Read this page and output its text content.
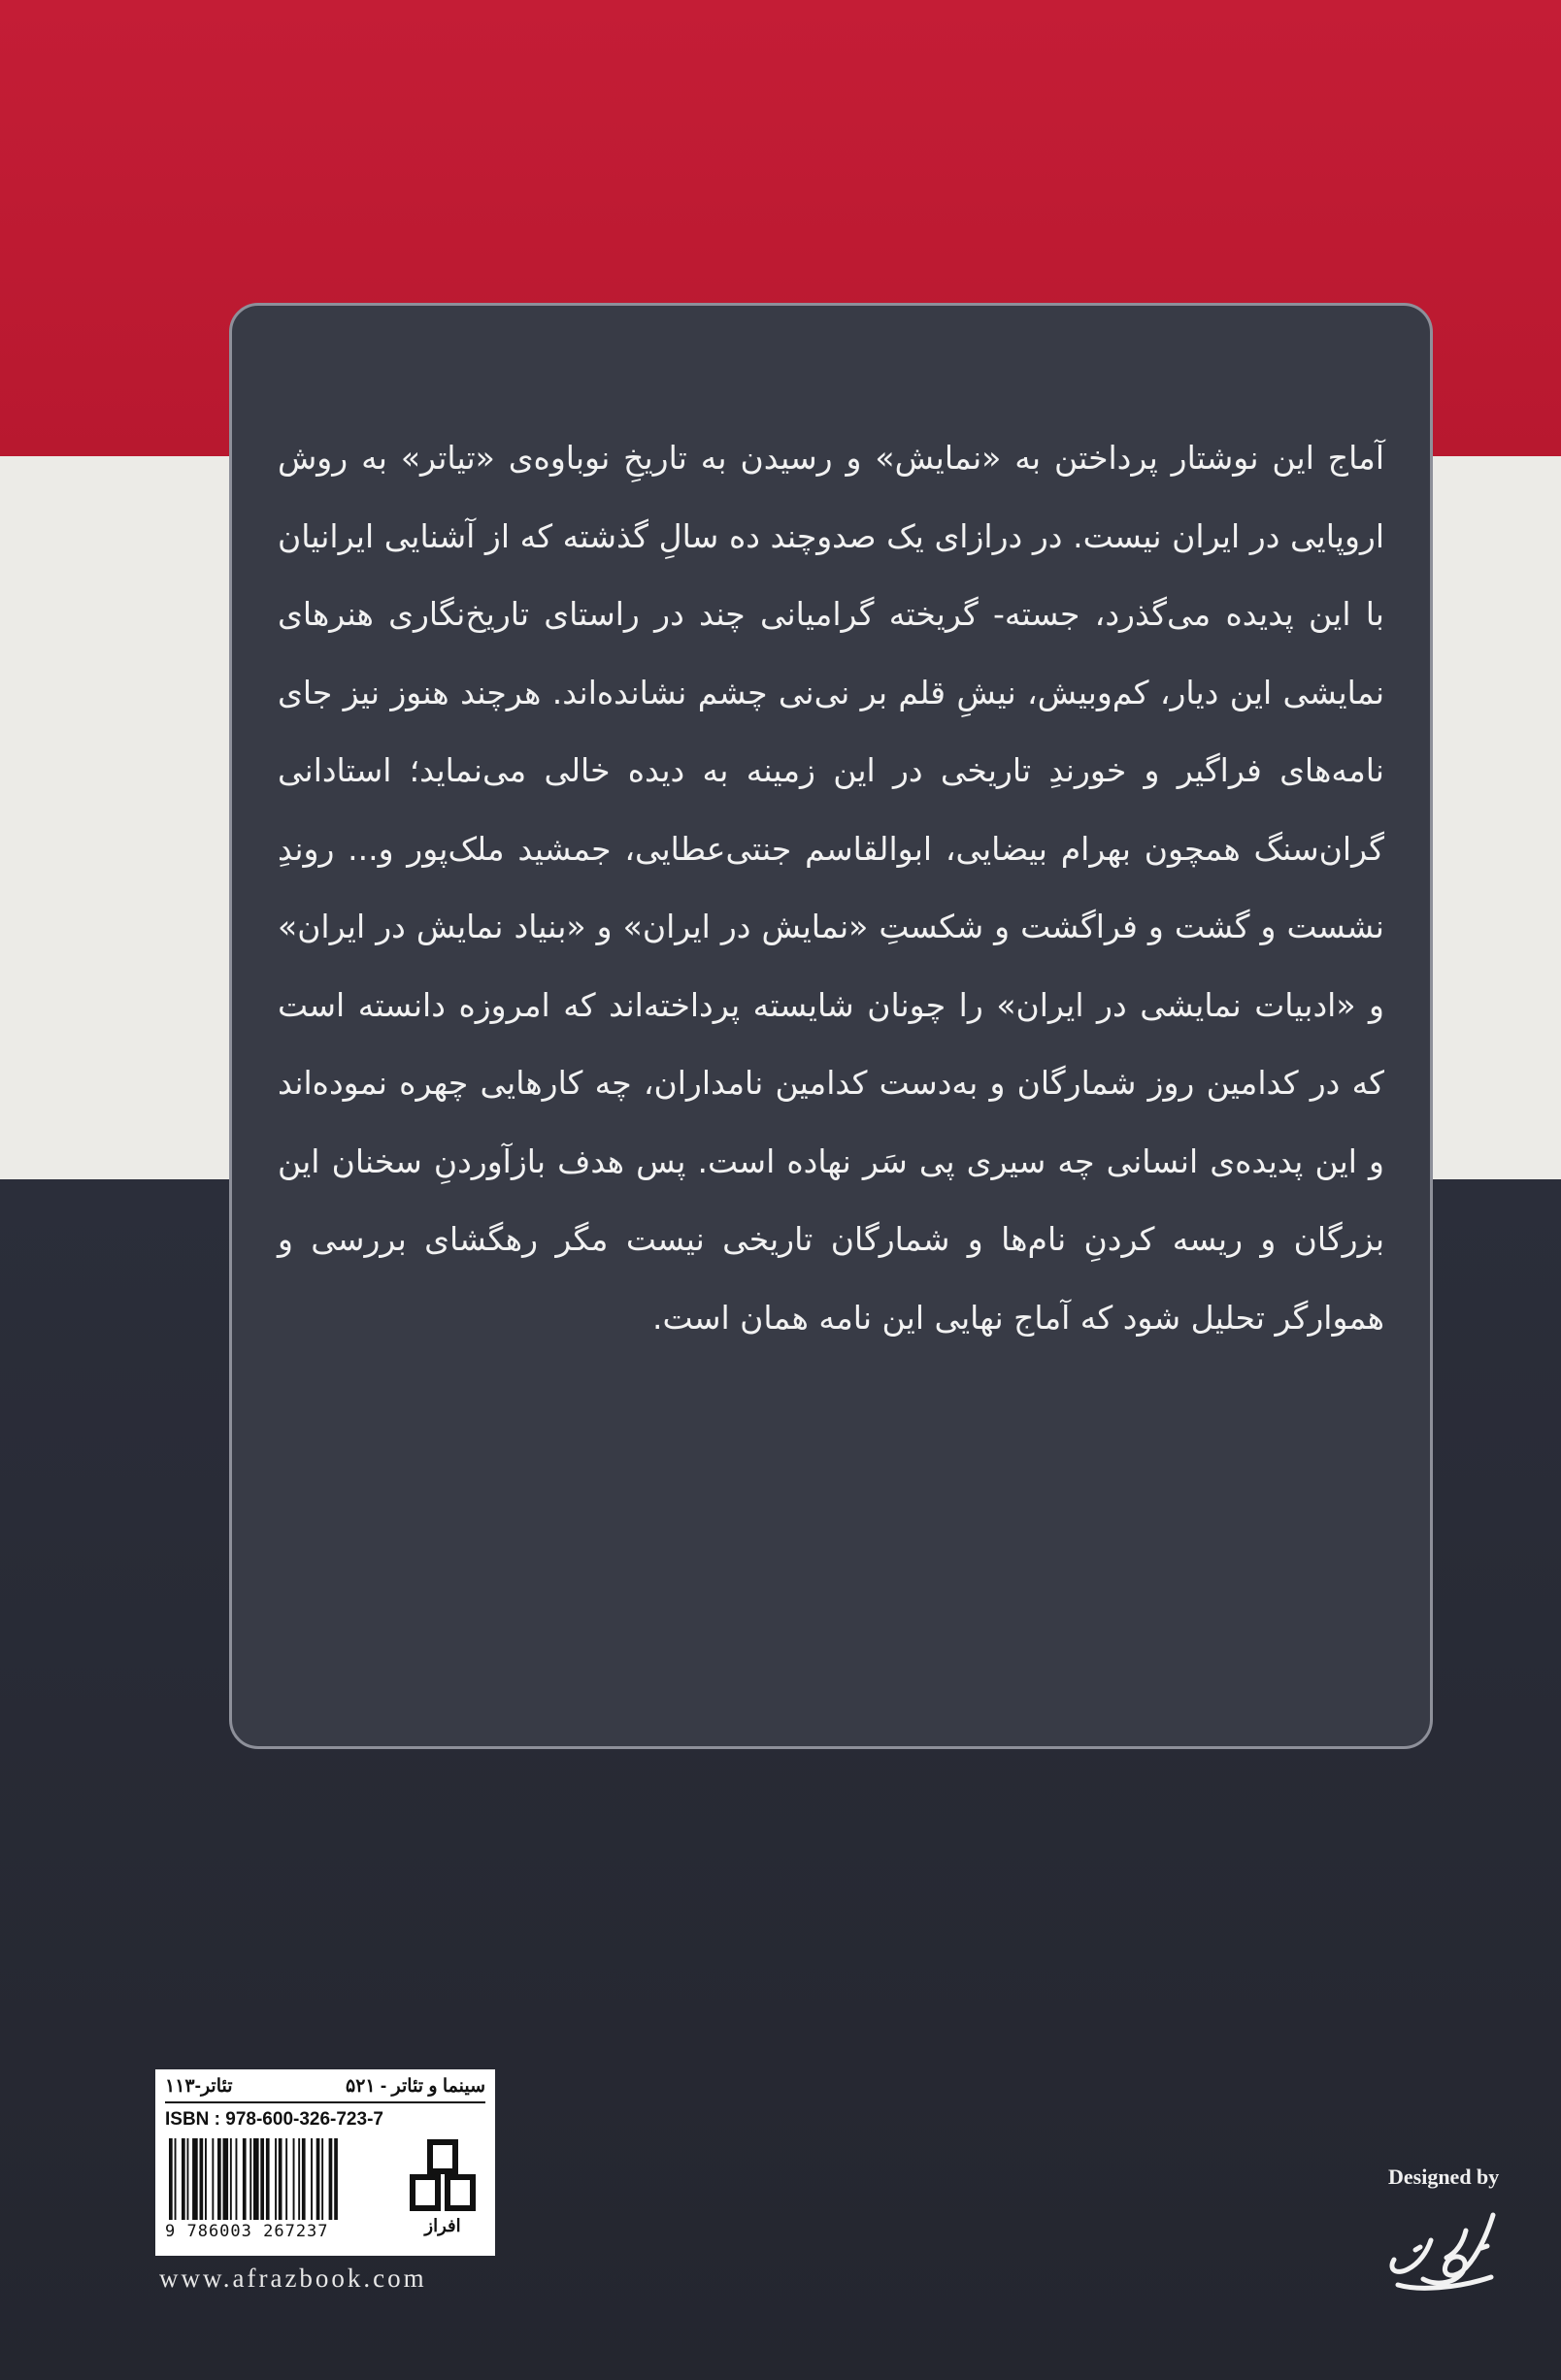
آماج این نوشتار پرداختن به «نمایش» و رسیدن به تاریخِ نوباوه‌ی «تیاتر» به روش اروپایی در ایران نیست. در درازای یک صدوچند ده سالِ گذشته که از آشنایی ایرانیان با این پدیده می‌گذرد، جسته- گریخته گرامیانی چند در راستای تاریخ‌نگاری هنرهای نمایشی این دیار، کم‌وبیش، نیشِ قلم بر نی‌نی چشم نشانده‌اند. هرچند هنوز نیز جای نامه‌های فراگیر و خورندِ تاریخی در این زمینه به دیده خالی می‌نماید؛ استادانی گران‌سنگ همچون بهرام بیضایی، ابوالقاسم جنتی‌عطایی، جمشید ملک‌پور و... روندِ نشست و گشت و فراگشت و شکستِ «نمایش در ایران» و «بنیاد نمایش در ایران» و «ادبیات نمایشی در ایران» را چونان شایسته پرداخته‌اند که امروزه دانسته است که در کدامین روز شمارگان و به‌دست کدامین نامداران، چه کارهایی چهره نموده‌اند و این پدیده‌ی انسانی چه سیری پی سَر نهاده است. پس هدف بازآوردنِ سخنان این بزرگان و ریسه کردنِ نام‌ها و شمارگان تاریخی نیست مگر رهگشای بررسی و هموارگر تحلیل شود که آماج نهایی این نامه همان است.

سینما و تئاتر - ۵۲۱
تئاتر-۱۱۳
ISBN : 978-600-326-723-7
9 786003 267237	افراز
www.afrazbook.com
Designed by
